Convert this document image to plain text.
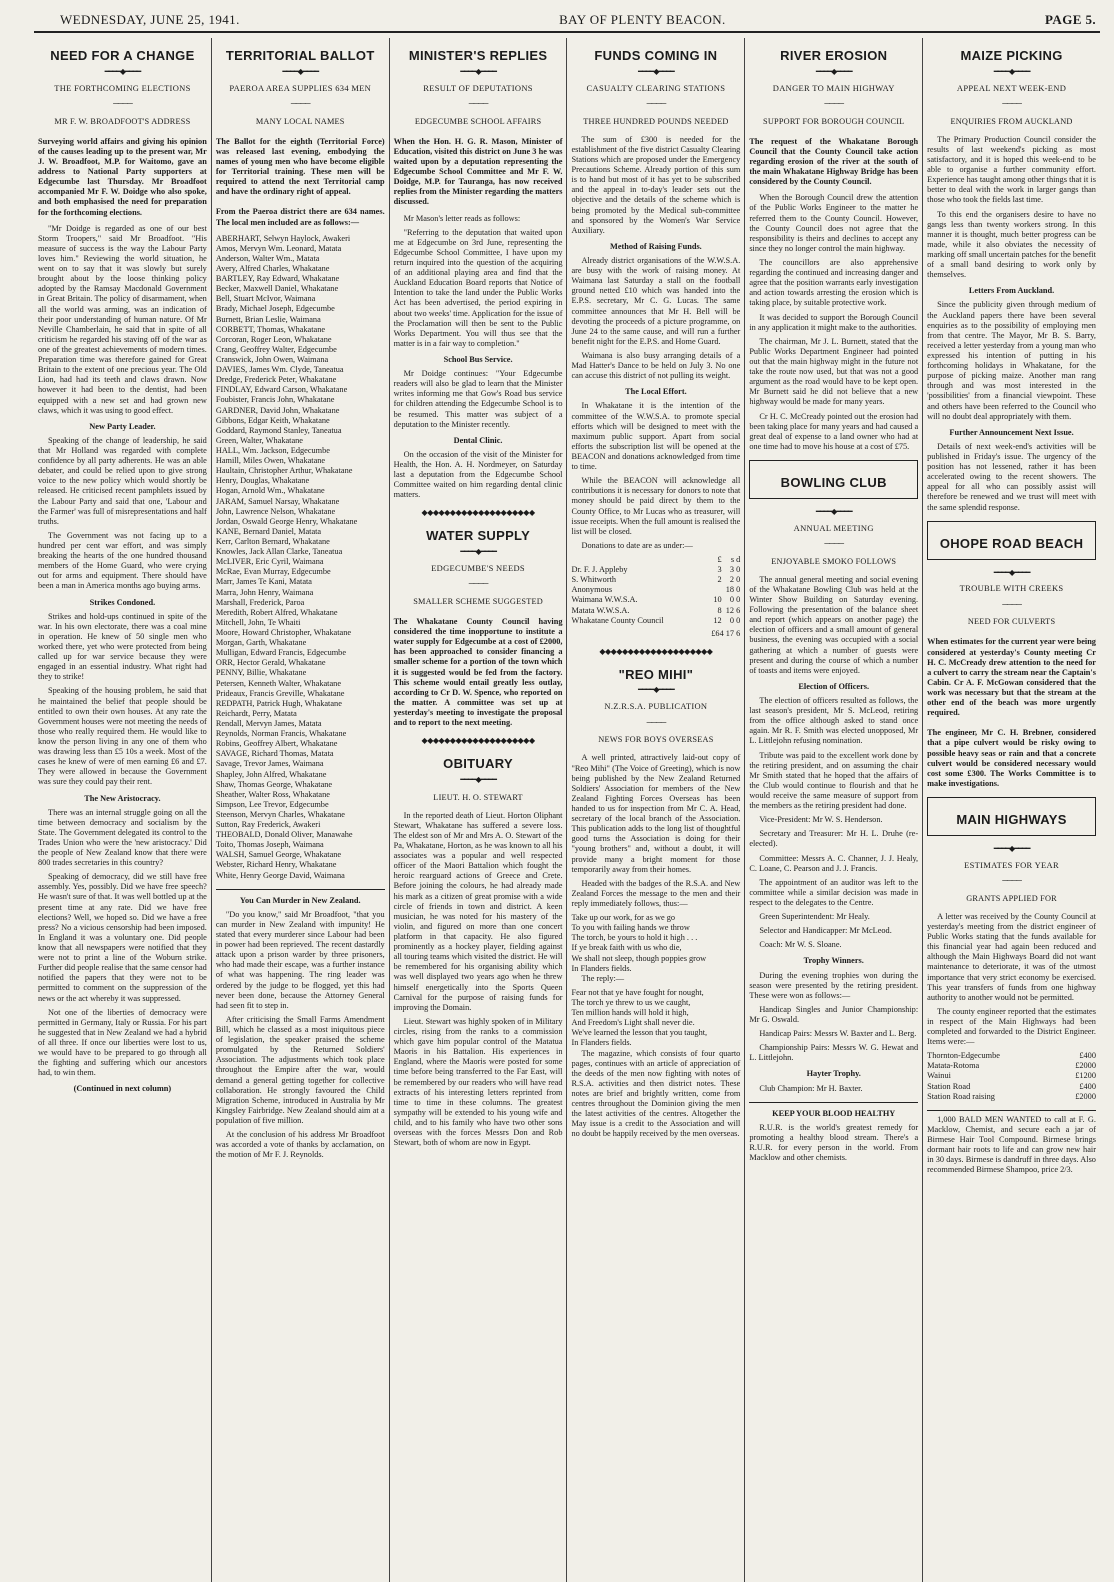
WEDNESDAY, JUNE 25, 1941.	BAY OF PLENTY BEACON.	PAGE 5.
NEED FOR A CHANGE
━━━━◆━━━━
THE FORTHCOMING ELECTIONS
────
MR F. W. BROADFOOT'S ADDRESS
Surveying world affairs and giving his opinion of the causes leading up to the present war, Mr J. W. Broadfoot, M.P. for Waitomo, gave an address to National Party supporters at Edgecumbe last Thursday. Mr Broadfoot accompanied Mr F. W. Doidge who also spoke, and both emphasised the need for preparation for the forthcoming elections.
"Mr Doidge is regarded as one of our best Storm Troopers," said Mr Broadfoot. "His measure of success is the way the Labour Party loves him." Reviewing the world situation, he went on to say that it was slowly but surely brought about by the loose thinking policy adopted by the Ramsay Macdonald Government in Great Britain. The policy of disarmament, when all the world was arming, was an indication of their poor understanding of human nature. Of Mr Neville Chamberlain, he said that in spite of all criticism he regarded his staving off of the war as one of the greatest achievements of modern times. Preparation time was therefore gained for Great Britain to the extent of one precious year. The Old Lion, had had its teeth and claws drawn. Now however it had been to the dentist, had been equipped with a new set and had grown new claws, which it was using to good effect.
New Party Leader.
Speaking of the change of leadership, he said that Mr Holland was regarded with complete confidence by all party adherents. He was an able debater, and could be relied upon to give strong voice to the new policy which would shortly be released. He criticised recent pamphlets issued by the Labour Party and said that one, 'Labour and the Farmer' was full of misrepresentations and half truths.
The Government was not facing up to a hundred per cent war effort, and was simply breaking the hearts of the one hundred thousand members of the Home Guard, who were crying out for arms and equipment. There should have been a man in America months ago buying arms.
Strikes Condoned.
Strikes and hold-ups continued in spite of the war. In his own electorate, there was a coal mine in operation. He knew of 50 single men who worked there, yet who were protected from being called up for war service because they were engaged in an essential industry. What right had they to strike!
Speaking of the housing problem, he said that he maintained the belief that people should be entitled to own their own houses. At any rate the Government houses were not meeting the needs of those who really required them. He would like to know the person living in any one of them who was drawing less than £5 10s a week. Most of the cases he knew of were of men earning £6 and £7. They were allowed in because the Government was sure they could pay their rent.
The New Aristocracy.
There was an internal struggle going on all the time between democracy and socialism by the State. The Government delegated its control to the Trades Union who were the 'new aristocracy.' Did the people of New Zealand know that there were 800 trades secretaries in this country?
Speaking of democracy, did we still have free assembly. Yes, possibly. Did we have free speech? He wasn't sure of that. It was well bottled up at the present time at any rate. Did we have free elections? Well, we hoped so. Did we have a free press? No a vicious censorship had been imposed. In England it was a voluntary one. Did people know that all newspapers were notified that they were not to print a line of the Woburn strike. Further did people realise that the same censor had notified the papers that they were not to be permitted to comment on the suppression of the news or the act whereby it was suppressed.
Not one of the liberties of democracy were permitted in Germany, Italy or Russia. For his part he suggested that in New Zealand we had a hybrid of all three. If once our liberties were lost to us, we would have to be prepared to go through all the fighting and suffering which our ancestors had, to win them.
(Continued in next column)
TERRITORIAL BALLOT
━━━━◆━━━━
PAEROA AREA SUPPLIES 634 MEN
────
MANY LOCAL NAMES
The Ballot for the eighth (Territorial Force) was released last evening, embodying the names of young men who have become eligible for Territorial training. These men will be required to attend the next Territorial camp and have the ordinary right of appeal.
From the Paeroa district there are 634 names. The local men included are as follows:—
ABERHART, Selwyn Haylock, Awakeri
Amos, Mervyn Wm. Leonard, Matata
Anderson, Walter Wm., Matata
Avery, Alfred Charles, Whakatane
BARTLEY, Ray Edward, Whakatane
Becker, Maxwell Daniel, Whakatane
Bell, Stuart McIvor, Waimana
Brady, Michael Joseph, Edgecumbe
Burnett, Brian Leslie, Waimana
CORBETT, Thomas, Whakatane
Corcoran, Roger Leon, Whakatane
Crang, Geoffrey Walter, Edgecumbe
Cranswick, John Owen, Waimana
DAVIES, James Wm. Clyde, Taneatua
Dredge, Frederick Peter, Whakatane
FINDLAY, Edward Carson, Whakatane
Foubister, Francis John, Whakatane
GARDNER, David John, Whakatane
Gibbons, Edgar Keith, Whakatane
Goddard, Raymond Stanley, Taneatua
Green, Walter, Whakatane
HALL, Wm. Jackson, Edgecumbe
Hamill, Miles Owen, Whakatane
Haultain, Christopher Arthur, Whakatane
Henry, Douglas, Whakatane
Hogan, Arnold Wm., Whakatane
JARAM, Samuel Narsay, Whakatane
John, Lawrence Nelson, Whakatane
Jordan, Oswald George Henry, Whakatane
KANE, Bernard Daniel, Matata
Kerr, Carlton Bernard, Whakatane
Knowles, Jack Allan Clarke, Taneatua
McLIVER, Eric Cyril, Waimana
McRae, Evan Murray, Edgecumbe
Marr, James Te Kani, Matata
Marra, John Henry, Waimana
Marshall, Frederick, Paroa
Meredith, Robert Alfred, Whakatane
Mitchell, John, Te Whaiti
Moore, Howard Christopher, Whakatane
Morgan, Garth, Whakatane
Mulligan, Edward Francis, Edgecumbe
ORR, Hector Gerald, Whakatane
PENNY, Billie, Whakatane
Petersen, Kenneth Walter, Whakatane
Prideaux, Francis Greville, Whakatane
REDPATH, Patrick Hugh, Whakatane
Reichardt, Perry, Matata
Rendall, Mervyn James, Matata
Reynolds, Norman Francis, Whakatane
Robins, Geoffrey Albert, Whakatane
SAVAGE, Richard Thomas, Matata
Savage, Trevor James, Waimana
Shapley, John Alfred, Whakatane
Shaw, Thomas George, Whakatane
Sheather, Walter Ross, Whakatane
Simpson, Lee Trevor, Edgecumbe
Steenson, Mervyn Charles, Whakatane
Sutton, Ray Frederick, Awakeri
THEOBALD, Donald Oliver, Manawahe
Toito, Thomas Joseph, Waimana
WALSH, Samuel George, Whakatane
Webster, Richard Henry, Whakatane
White, Henry George David, Waimana
You Can Murder in New Zealand.
"Do you know," said Mr Broadfoot, "that you can murder in New Zealand with impunity! He stated that every murderer since Labour had been in power had been reprieved. The recent dastardly attack upon a prison warder by three prisoners, who had made their escape, was a further instance of what was happening. The ring leader was ordered by the judge to be flogged, yet this had never been done, because the Attorney General had seen fit to step in.
After criticising the Small Farms Amendment Bill, which he classed as a most iniquitous piece of legislation, the speaker praised the scheme promulgated by the Returned Soldiers' Association. The adjustments which took place throughout the Empire after the war, would demand a general getting together for collective collaboration. He strongly favoured the Child Migration Scheme, introduced in Australia by Mr Kingsley Fairbridge. New Zealand should aim at a population of five million.
At the conclusion of his address Mr Broadfoot was accorded a vote of thanks by acclamation, on the motion of Mr F. J. Reynolds.
MINISTER'S REPLIES
━━━━◆━━━━
RESULT OF DEPUTATIONS
────
EDGECUMBE SCHOOL AFFAIRS
When the Hon. H. G. R. Mason, Minister of Education, visited this district on June 3 he was waited upon by a deputation representing the Edgecumbe School Committee and Mr F. W. Doidge, M.P. for Tauranga, has now received replies from the Minister regarding the matters discussed.
Mr Mason's letter reads as follows:
"Referring to the deputation that waited upon me at Edgecumbe on 3rd June, representing the Edgecumbe School Committee, I have upon my return inquired into the question of the acquiring of an additional playing area and find that the Auckland Education Board reports that Notice of Intention to take the land under the Public Works Act has been advertised, the period expiring in about two weeks' time. Application for the issue of the Proclamation will then be sent to the Public Works Department. You will thus see that the matter is in a fair way to completion."
School Bus Service.
Mr Doidge continues: "Your Edgecumbe readers will also be glad to learn that the Minister writes informing me that Gow's Road bus service for children attending the Edgecumbe School is to be resumed. This matter was subject of a deputation to the Minister recently.
Dental Clinic.
On the occasion of the visit of the Minister for Health, the Hon. A. H. Nordmeyer, on Saturday last a deputation from the Edgecumbe School Committee waited on him regarding dental clinic matters.
◆◆◆◆◆◆◆◆◆◆◆◆◆◆◆◆◆◆◆◆
WATER SUPPLY
━━━━◆━━━━
EDGECUMBE'S NEEDS
────
SMALLER SCHEME SUGGESTED
The Whakatane County Council having considered the time inopportune to institute a water supply for Edgecumbe at a cost of £2000, has been approached to consider financing a smaller scheme for a portion of the town which it is suggested would be fed from the factory. This scheme would entail greatly less outlay, according to Cr D. W. Spence, who reported on the matter. A committee was set up at yesterday's meeting to investigate the proposal and to report to the next meeting.
◆◆◆◆◆◆◆◆◆◆◆◆◆◆◆◆◆◆◆◆
OBITUARY
━━━━◆━━━━
LIEUT. H. O. STEWART
In the reported death of Lieut. Horton Oliphant Stewart, Whakatane has suffered a severe loss. The eldest son of Mr and Mrs A. O. Stewart of the Pa, Whakatane, Horton, as he was known to all his associates was a popular and well respected officer of the Maori Battalion which fought the heroic rearguard actions of Greece and Crete. Before joining the colours, he had already made his mark as a citizen of great promise with a wide circle of friends in town and district. A keen musician, he was noted for his mastery of the violin, and figured on more than one concert platform in that capacity. He also figured prominently as a hockey player, fielding against all touring teams which visited the district. He will be remembered for his organising ability which was well displayed two years ago when he threw himself energetically into the Sports Queen Carnival for the purpose of raising funds for improving the Domain.
Lieut. Stewart was highly spoken of in Military circles, rising from the ranks to a commission which gave him popular control of the Matatua Maoris in his Battalion. His experiences in England, where the Maoris were posted for some time before being transferred to the Far East, will be remembered by our readers who will have read extracts of his interesting letters reprinted from time to time in these columns. The greatest sympathy will be extended to his young wife and child, and to his family who have two other sons overseas with the forces Messrs Don and Rob Stewart, both of whom are now in Egypt.
FUNDS COMING IN
━━━━◆━━━━
CASUALTY CLEARING STATIONS
────
THREE HUNDRED POUNDS NEEDED
The sum of £300 is needed for the establishment of the five district Casualty Clearing Stations which are proposed under the Emergency Precautions Scheme. Already portion of this sum is to hand but most of it has yet to be subscribed and the appeal in to-day's leader sets out the objective and the details of the scheme which is being promoted by the Medical sub-committee and sponsored by the Women's War Service Auxiliary.
Method of Raising Funds.
Already district organisations of the W.W.S.A. are busy with the work of raising money. At Waimana last Saturday a stall on the football ground netted £10 which was handed into the E.P.S. secretary, Mr C. G. Lucas. The same committee announces that Mr H. Bell will be devoting the proceeds of a picture programme, on June 24 to the same cause, and will run a further benefit night for the E.P.S. and Home Guard.
Waimana is also busy arranging details of a Mad Hatter's Dance to be held on July 3. No one can accuse this district of not pulling its weight.
The Local Effort.
In Whakatane it is the intention of the committee of the W.W.S.A. to promote special efforts which will be designed to meet with the maximum public support. Apart from social efforts the subscription list will be opened at the BEACON and donations acknowledged from time to time.
While the BEACON will acknowledge all contributions it is necessary for donors to note that money should be paid direct by them to the County Office, to Mr Lucas who as treasurer, will issue receipts. When the full amount is realised the list will be closed.
Donations to date are as under:—
	£	s	d
Dr. F. J. Appleby	3	3	0
S. Whitworth	2	2	0
Anonymous		18	0
Waimana W.W.S.A.	10	0	0
Matata W.W.S.A.	8	12	6
Whakatane County Council	12	0	0
£64 17 6
◆◆◆◆◆◆◆◆◆◆◆◆◆◆◆◆◆◆◆◆
"REO MIHI"
━━━━◆━━━━
N.Z.R.S.A. PUBLICATION
────
NEWS FOR BOYS OVERSEAS
A well printed, attractively laid-out copy of "Reo Mihi" (The Voice of Greeting), which is now being published by the New Zealand Returned Soldiers' Association for members of the New Zealand Fighting Forces Overseas has been handed to us for inspection from Mr C. A. Head, secretary of the local branch of the Association. This publication adds to the long list of thoughtful good turns the Association is doing for their "young brothers" and, without a doubt, it will provide many a bright moment for those temporarily away from their homes.
Headed with the badges of the R.S.A. and New Zealand Forces the message to the men and their reply immediately follows, thus:—
Take up our work, for as we go
To you with failing hands we throw
The torch, be yours to hold it high . . .
If ye break faith with us who die,
We shall not sleep, though poppies grow
In Flanders fields.
The reply:—
Fear not that ye have fought for nought,
The torch ye threw to us we caught,
Ten million hands will hold it high,
And Freedom's Light shall never die.
We've learned the lesson that you taught,
In Flanders fields.
The magazine, which consists of four quarto pages, continues with an article of appreciation of the deeds of the men now fighting with notes of R.S.A. activities and then district notes. These notes are brief and brightly written, come from centres throughout the Dominion giving the men the latest activities of the centres. Altogether the May issue is a credit to the Association and will no doubt be happily received by the men overseas.
RIVER EROSION
━━━━◆━━━━
DANGER TO MAIN HIGHWAY
────
SUPPORT FOR BOROUGH COUNCIL
The request of the Whakatane Borough Council that the County Council take action regarding erosion of the river at the south of the main Whakatane Highway Bridge has been considered by the County Council.
When the Borough Council drew the attention of the Public Works Engineer to the matter he referred them to the County Council. However, the County Council does not agree that the responsibility is theirs and declines to accept any since they no longer control the main highway.
The councillors are also apprehensive regarding the continued and increasing danger and agree that the position warrants early investigation and action towards arresting the erosion which is taking place, by suitable protective work.
It was decided to support the Borough Council in any application it might make to the authorities.
The chairman, Mr J. L. Burnett, stated that the Public Works Department Engineer had pointed out that the main highway might in the future not take the route now used, but that was not a good argument as the road would have to be kept open. Mr Burnett said he did not believe that a new highway would be made for many years.
Cr H. C. McCready pointed out the erosion had been taking place for many years and had caused a great deal of expense to a land owner who had at one time had to move his house at a cost of £75.
BOWLING CLUB
━━━━◆━━━━
ANNUAL MEETING
────
ENJOYABLE SMOKO FOLLOWS
The annual general meeting and social evening of the Whakatane Bowling Club was held at the Winter Show Building on Saturday evening. Following the presentation of the balance sheet and report (which appears on another page) the election of officers and a small amount of general business, the evening was occupied with a social gathering at which a number of guests were present and during the course of which a number of toasts and items were enjoyed.
Election of Officers.
The election of officers resulted as follows, the last season's president, Mr S. McLeod, retiring from the office although asked to stand once again. Mr R. F. Smith was elected unopposed, Mr L. Littlejohn refusing nomination.
Tribute was paid to the excellent work done by the retiring president, and on assuming the chair Mr Smith stated that he hoped that the affairs of the Club would continue to flourish and that he would receive the same measure of support from the members as the retiring president had done.
Vice-President: Mr W. S. Henderson.
Secretary and Treasurer: Mr H. L. Druhe (re-elected).
Committee: Messrs A. C. Channer, J. J. Healy, C. Loane, C. Pearson and J. J. Francis.
The appointment of an auditor was left to the committee while a similar decision was made in respect to the delegates to the Centre.
Green Superintendent: Mr Healy.
Selector and Handicapper: Mr McLeod.
Coach: Mr W. S. Sloane.
Trophy Winners.
During the evening trophies won during the season were presented by the retiring president. These were won as follows:—
Handicap Singles and Junior Championship: Mr G. Oswald.
Handicap Pairs: Messrs W. Baxter and L. Berg.
Championship Pairs: Messrs W. G. Hewat and L. Littlejohn.
Hayter Trophy.
Club Champion: Mr H. Baxter.
KEEP YOUR BLOOD HEALTHY
R.U.R. is the world's greatest remedy for promoting a healthy blood stream. There's a R.U.R. for every person in the world. From Macklow and other chemists.
MAIZE PICKING
━━━━◆━━━━
APPEAL NEXT WEEK-END
────
ENQUIRIES FROM AUCKLAND
The Primary Production Council consider the results of last weekend's picking as most satisfactory, and it is hoped this week-end to be able to organise a further community effort. Experience has taught among other things that it is better to deal with the work in larger gangs than those who took the fields last time.
To this end the organisers desire to have no gangs less than twenty workers strong. In this manner it is thought, much better progress can be made, while it also obviates the necessity of marking off small uncertain patches for the benefit of a small band desiring to work only by themselves.
Letters From Auckland.
Since the publicity given through medium of the Auckland papers there have been several enquiries as to the possibility of employing men from that centre. The Mayor, Mr B. S. Barry, received a letter yesterday from a young man who expressed his intention of putting in his forthcoming holidays in Whakatane, for the purpose of picking maize. Another man rang through and was most interested in the 'possibilities' from a financial viewpoint. These and others have been referred to the Council who will no doubt deal appropriately with them.
Further Announcement Next Issue.
Details of next week-end's activities will be published in Friday's issue. The urgency of the position has not lessened, rather it has been accelerated owing to the recent showers. The appeal for all who can possibly assist will therefore be renewed and we trust will meet with the same splendid response.
OHOPE ROAD BEACH
━━━━◆━━━━
TROUBLE WITH CREEKS
────
NEED FOR CULVERTS
When estimates for the current year were being considered at yesterday's County meeting Cr H. C. McCready drew attention to the need for a culvert to carry the stream near the Captain's Cabin. Cr A. F. McGowan considered that the work was necessary but that the stream at the other end of the beach was more urgently required.
The engineer, Mr C. H. Brebner, considered that a pipe culvert would be risky owing to possible heavy seas or rain and that a concrete culvert would be considered necessary would cost some £300. The Works Committee is to make investigations.
MAIN HIGHWAYS
━━━━◆━━━━
ESTIMATES FOR YEAR
────
GRANTS APPLIED FOR
A letter was received by the County Council at yesterday's meeting from the district engineer of Public Works stating that the funds available for this financial year had again been reduced and although the Main Highways Board did not want maintenance to deteriorate, it was of the utmost importance that very strict economy be exercised. This year transfers of funds from one highway authority to another would not be permitted.
The county engineer reported that the estimates in respect of the Main Highways had been completed and forwarded to the District Engineer. Items were:—
Thornton-Edgecumbe	£400
Matata-Rotoma	£2000
Wainui	£1200
Station Road	£400
Station Road raising	£2000
1,000 BALD MEN WANTED to call at F. G. Macklow, Chemist, and secure each a jar of Birmese Hair Tool Compound. Birmese brings dormant hair roots to life and can grow new hair in 30 days. Birmese is dandruff in three days. Also recommended Birmese Shampoo, price 2/3.
